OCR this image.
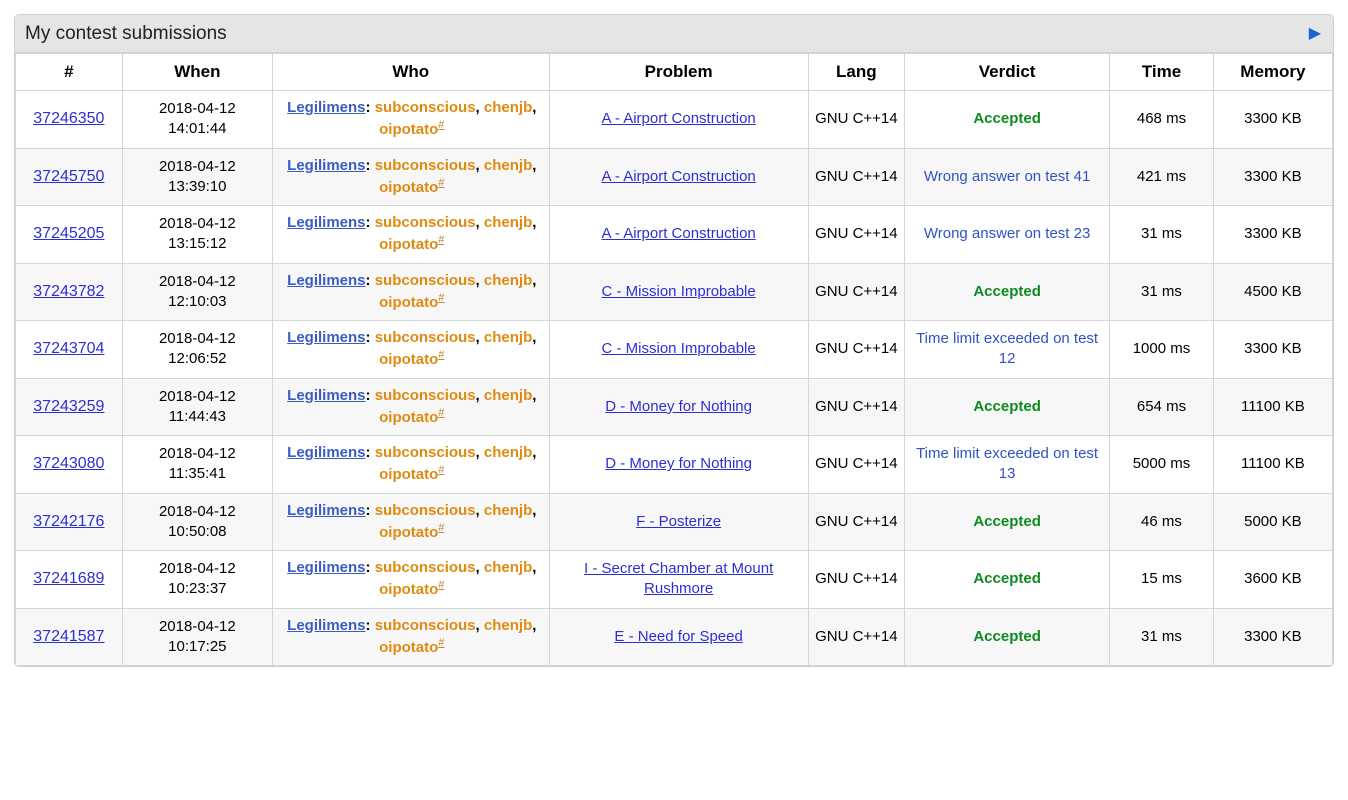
My contest submissions	▶
#	When	Who	Problem	Lang	Verdict	Time	Memory
37246350	2018-04-12 14:01:44	Legilimens: subconscious, chenjb, oipotato#	A - Airport Construction	GNU C++14	Accepted	468 ms	3300 KB
37245750	2018-04-12 13:39:10	Legilimens: subconscious, chenjb, oipotato#	A - Airport Construction	GNU C++14	Wrong answer on test 41	421 ms	3300 KB
37245205	2018-04-12 13:15:12	Legilimens: subconscious, chenjb, oipotato#	A - Airport Construction	GNU C++14	Wrong answer on test 23	31 ms	3300 KB
37243782	2018-04-12 12:10:03	Legilimens: subconscious, chenjb, oipotato#	C - Mission Improbable	GNU C++14	Accepted	31 ms	4500 KB
37243704	2018-04-12 12:06:52	Legilimens: subconscious, chenjb, oipotato#	C - Mission Improbable	GNU C++14	Time limit exceeded on test 12	1000 ms	3300 KB
37243259	2018-04-12 11:44:43	Legilimens: subconscious, chenjb, oipotato#	D - Money for Nothing	GNU C++14	Accepted	654 ms	11100 KB
37243080	2018-04-12 11:35:41	Legilimens: subconscious, chenjb, oipotato#	D - Money for Nothing	GNU C++14	Time limit exceeded on test 13	5000 ms	11100 KB
37242176	2018-04-12 10:50:08	Legilimens: subconscious, chenjb, oipotato#	F - Posterize	GNU C++14	Accepted	46 ms	5000 KB
37241689	2018-04-12 10:23:37	Legilimens: subconscious, chenjb, oipotato#	I - Secret Chamber at Mount Rushmore	GNU C++14	Accepted	15 ms	3600 KB
37241587	2018-04-12 10:17:25	Legilimens: subconscious, chenjb, oipotato#	E - Need for Speed	GNU C++14	Accepted	31 ms	3300 KB
